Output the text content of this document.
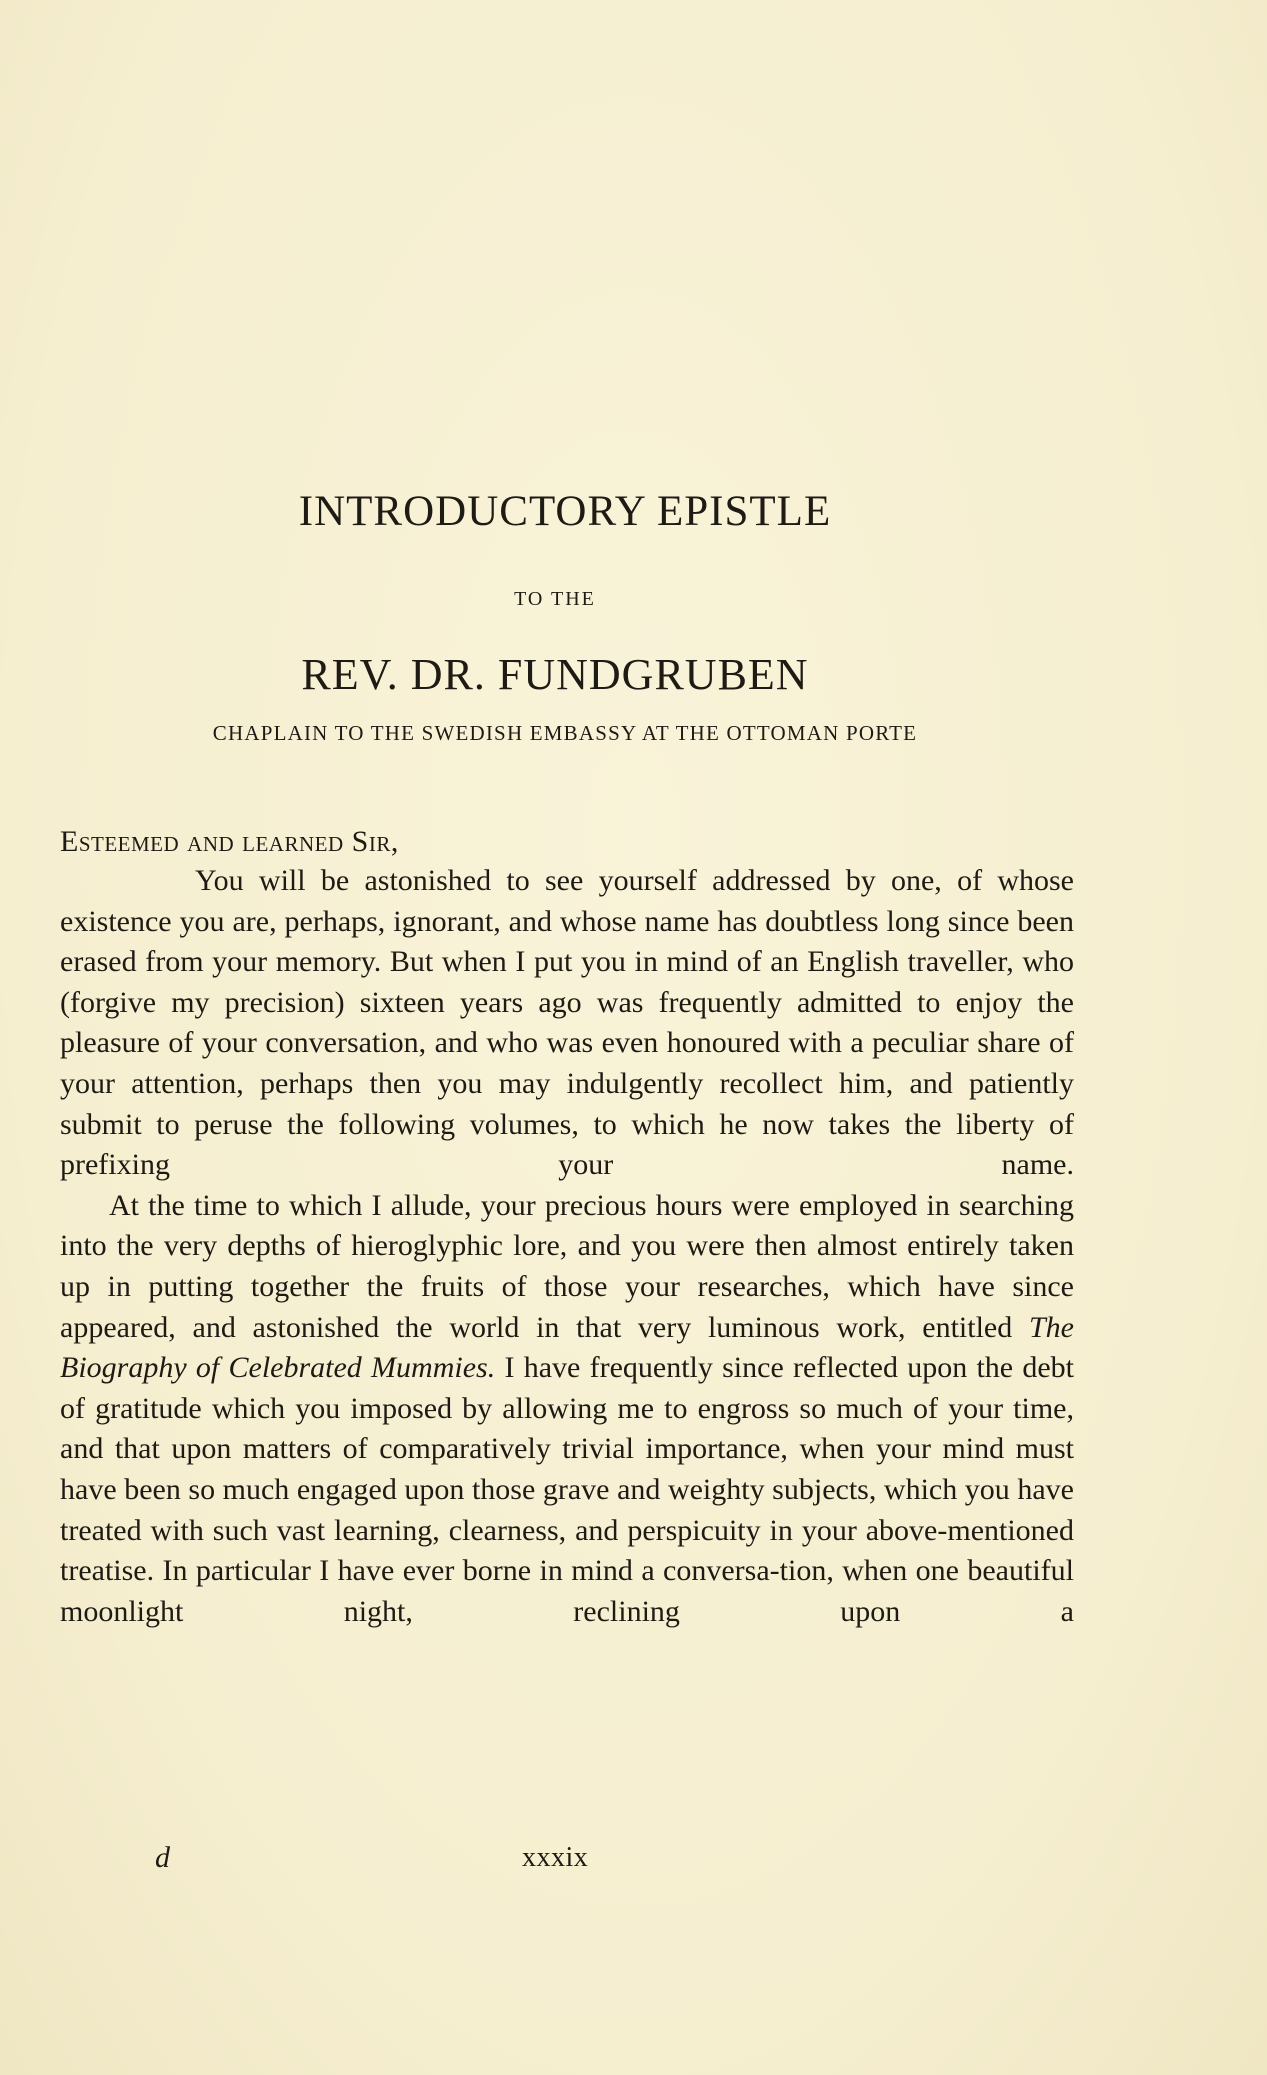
INTRODUCTORY EPISTLE
TO THE
REV. DR. FUNDGRUBEN
CHAPLAIN TO THE SWEDISH EMBASSY AT THE OTTOMAN PORTE
Esteemed and learned Sir,

You will be astonished to see yourself addressed by one, of whose existence you are, perhaps, ignorant, and whose name has doubtless long since been erased from your memory. But when I put you in mind of an English traveller, who (forgive my precision) sixteen years ago was frequently admitted to enjoy the pleasure of your conversation, and who was even honoured with a peculiar share of your attention, perhaps then you may indulgently recollect him, and patiently submit to peruse the following volumes, to which he now takes the liberty of prefixing your name.

At the time to which I allude, your precious hours were employed in searching into the very depths of hieroglyphic lore, and you were then almost entirely taken up in putting together the fruits of those your researches, which have since appeared, and astonished the world in that very luminous work, entitled The Biography of Celebrated Mummies. I have frequently since reflected upon the debt of gratitude which you imposed by allowing me to engross so much of your time, and that upon matters of comparatively trivial importance, when your mind must have been so much engaged upon those grave and weighty subjects, which you have treated with such vast learning, clearness, and perspicuity in your above-mentioned treatise. In particular I have ever borne in mind a conversa-tion, when one beautiful moonlight night, reclining upon a

d	xxxix
